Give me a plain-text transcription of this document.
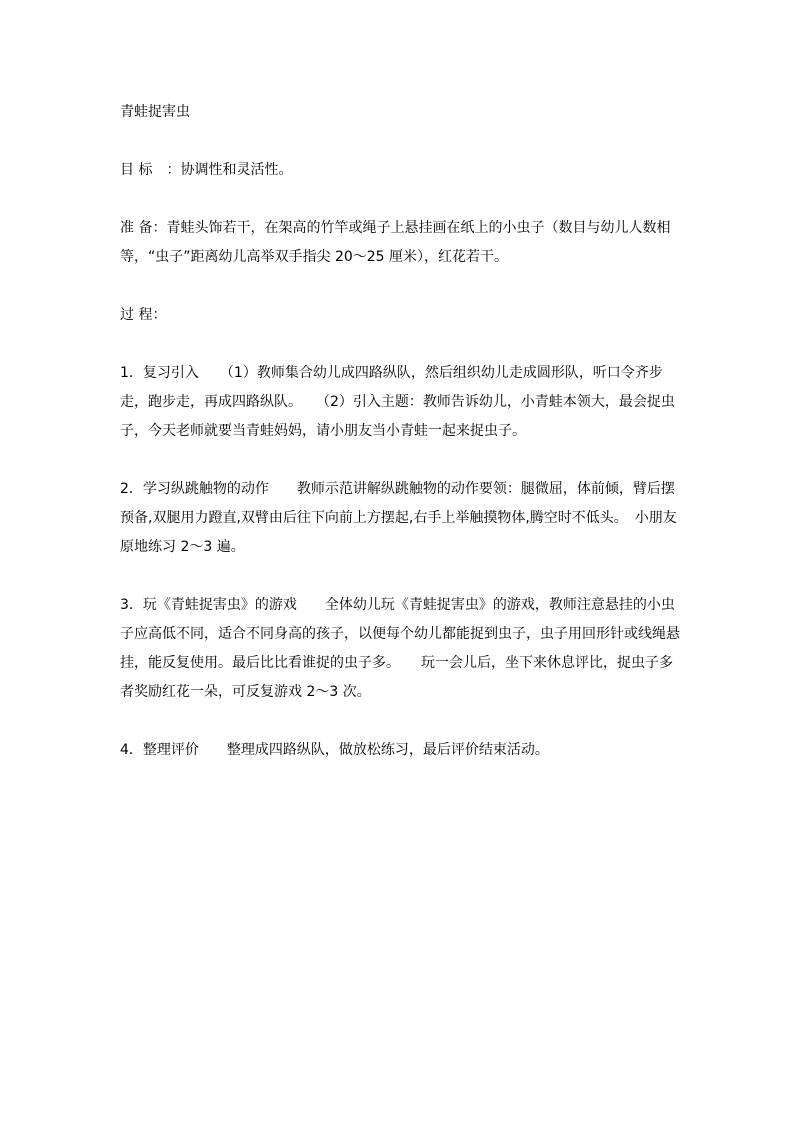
青蛙捉害虫

目 标　：协调性和灵活性。

准 备：青蛙头饰若干，在架高的竹竿或绳子上悬挂画在纸上的小虫子（数目与幼儿人数相等，“虫子”距离幼儿高举双手指尖 20～25 厘米），红花若干。

过 程：

1．复习引入　　（1）教师集合幼儿成四路纵队，然后组织幼儿走成圆形队，听口令齐步走，跑步走，再成四路纵队。　　（2）引入主题：教师告诉幼儿，小青蛙本领大，最会捉虫子，今天老师就要当青蛙妈妈，请小朋友当小青蛙一起来捉虫子。

2．学习纵跳触物的动作　　教师示范讲解纵跳触物的动作要领：腿微屈，体前倾，臂后摆预备,双腿用力蹬直,双臂由后往下向前上方摆起,右手上举触摸物体,腾空时不低头。　小朋友原地练习 2～3 遍。

3．玩《青蛙捉害虫》的游戏　　全体幼儿玩《青蛙捉害虫》的游戏，教师注意悬挂的小虫子应高低不同，适合不同身高的孩子，以便每个幼儿都能捉到虫子，虫子用回形针或线绳悬挂，能反复使用。最后比比看谁捉的虫子多。　　玩一会儿后，坐下来休息评比，捉虫子多者奖励红花一朵，可反复游戏 2～3 次。

4．整理评价　　整理成四路纵队，做放松练习，最后评价结束活动。
